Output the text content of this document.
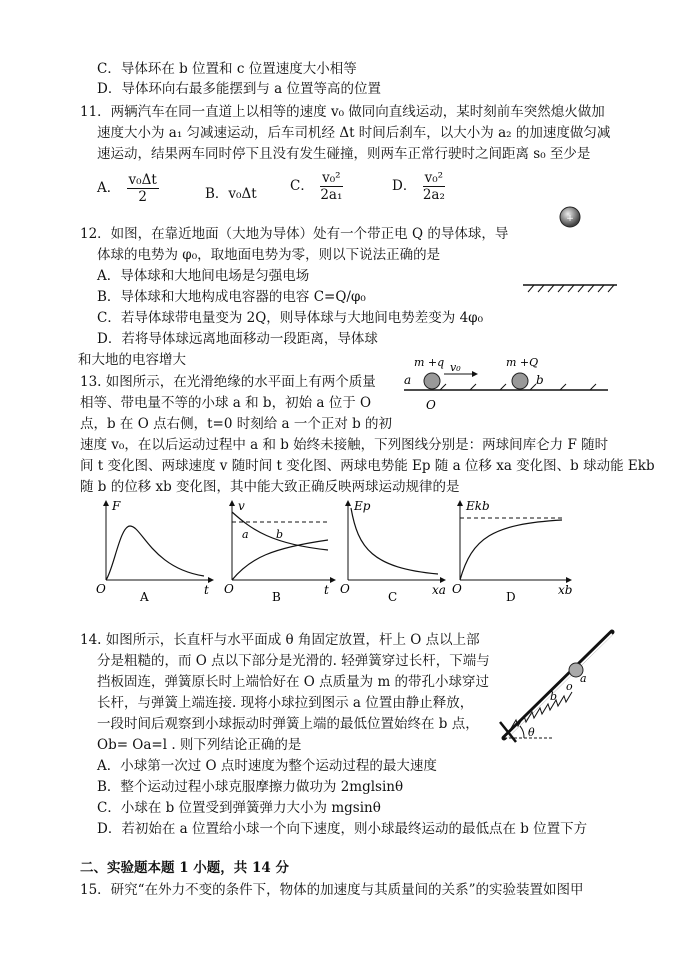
C．导体环在 b 位置和 c 位置速度大小相等
D．导体环向右最多能摆到与 a 位置等高的位置
11．两辆汽车在同一直道上以相等的速度 v₀ 做同向直线运动，某时刻前车突然熄火做加
速度大小为 a₁ 匀减速运动，后车司机经 Δt 时间后刹车，以大小为 a₂ 的加速度做匀减
速运动，结果两车同时停下且没有发生碰撞，则两车正常行驶时之间距离 s₀ 至少是
A． $\frac{\text{v₀Δt}}{2}$	B．v₀Δt C． $\frac{\text{v₀²}}{\text{2a₁}}$	D． $\frac{\text{v₀²}}{\text{2a₂}}$
+
12．如图，在靠近地面（大地为导体）处有一个带正电 Q 的导体球，导
体球的电势为 φ₀，取地面电势为零，则以下说法正确的是
A．导体球和大地间电场是匀强电场
B．导体球和大地构成电容器的电容 C=Q/φ₀
C．若导体球带电量变为 2Q，则导体球与大地间电势差变为 4φ₀
D．若将导体球远离地面移动一段距离，导体球
和大地的电容增大	m +q	m +Q
v₀
a	b
O
13. 如图所示，在光滑绝缘的水平面上有两个质量
相等、带电量不等的小球 a 和 b，初始 a 位于 O
点，b 在 O 点右侧，t=0 时刻给 a 一个正对 b 的初
速度 v₀，在以后运动过程中 a 和 b 始终未接触，下列图线分别是：两球间库仑力 F 随时
间 t 变化图、两球速度 v 随时间 t 变化图、两球电势能 Ep 随 a 位移 xa 变化图、b 球动能 Ekb
随 b 的位移 xb 变化图，其中能大致正确反映两球运动规律的是
F
t
O
A
v
t
O
a b
B
Ep
xa
O
C
Ekb
xb
O
D
θ
b
o
a
14. 如图所示，长直杆与水平面成 θ 角固定放置，杆上 O 点以上部
分是粗糙的，而 O 点以下部分是光滑的. 轻弹簧穿过长杆，下端与
挡板固连，弹簧原长时上端恰好在 O 点质量为 m 的带孔小球穿过
长杆，与弹簧上端连接. 现将小球拉到图示 a 位置由静止释放，
一段时间后观察到小球振动时弹簧上端的最低位置始终在 b 点，
Ob= Oa=l . 则下列结论正确的是
A．小球第一次过 O 点时速度为整个运动过程的最大速度
B．整个运动过程小球克服摩擦力做功为 2mglsinθ
C．小球在 b 位置受到弹簧弹力大小为 mgsinθ
D．若初始在 a 位置给小球一个向下速度，则小球最终运动的最低点在 b 位置下方
二、实验题本题 1 小题，共 14 分
15．研究“在外力不变的条件下，物体的加速度与其质量间的关系”的实验装置如图甲
